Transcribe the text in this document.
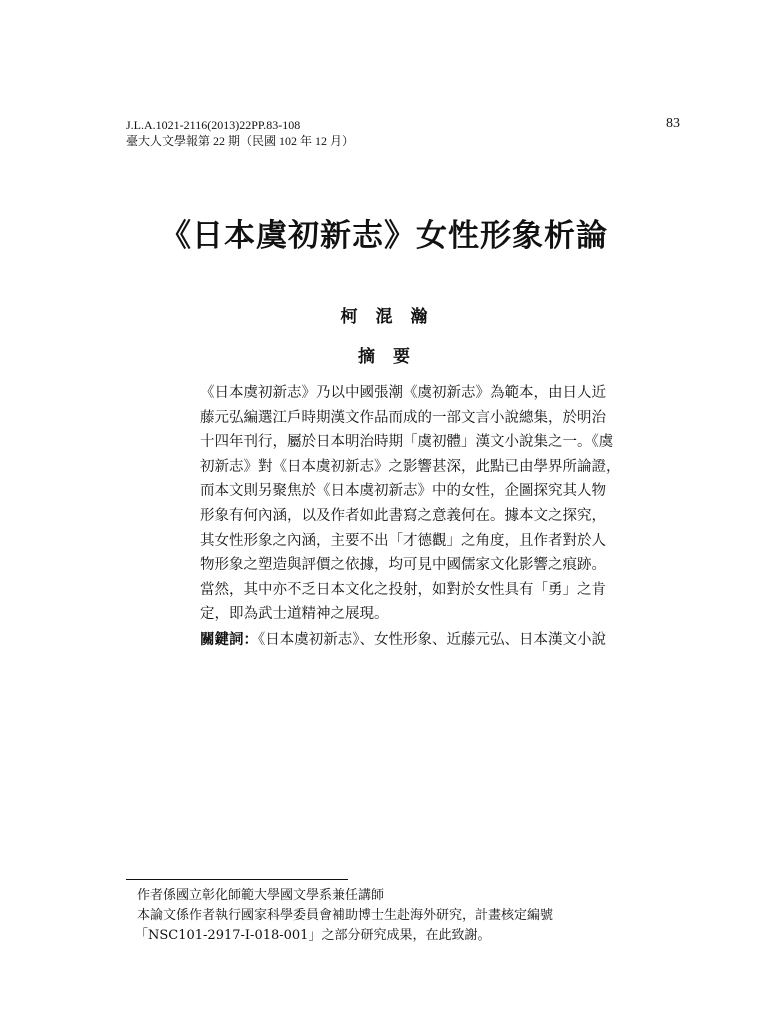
J.L.A.1021-2116(2013)22PP.83-108
臺大人文學報第 22 期（民國 102 年 12 月）
83
《日本虞初新志》女性形象析論
柯混瀚
摘要
《日本虞初新志》乃以中國張潮《虞初新志》為範本，由日人近
藤元弘編選江戶時期漢文作品而成的一部文言小說總集，於明治
十四年刊行，屬於日本明治時期「虞初體」漢文小說集之一。《虞
初新志》對《日本虞初新志》之影響甚深，此點已由學界所論證，
而本文則另聚焦於《日本虞初新志》中的女性，企圖探究其人物
形象有何內涵，以及作者如此書寫之意義何在。據本文之探究，
其女性形象之內涵，主要不出「才德觀」之角度，且作者對於人
物形象之塑造與評價之依據，均可見中國儒家文化影響之痕跡。
當然，其中亦不乏日本文化之投射，如對於女性具有「勇」之肯
定，即為武士道精神之展現。
關鍵詞：《日本虞初新志》、女性形象、近藤元弘、日本漢文小說
作者係國立彰化師範大學國文學系兼任講師
本論文係作者執行國家科學委員會補助博士生赴海外研究，計畫核定編號
「NSC101-2917-I-018-001」之部分研究成果，在此致謝。
